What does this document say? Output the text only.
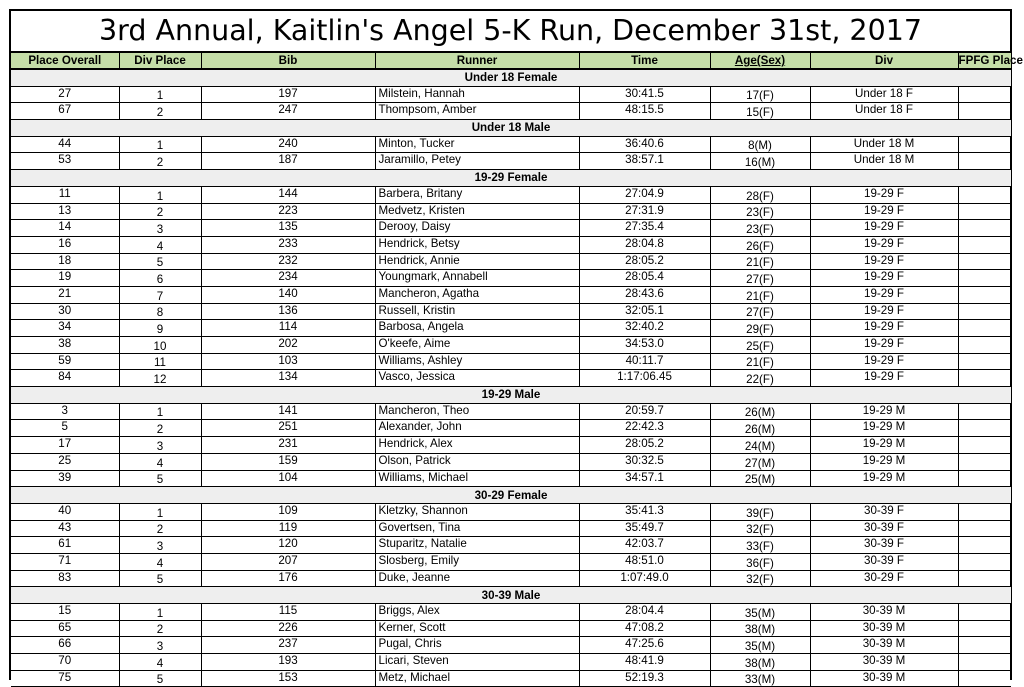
3rd Annual, Kaitlin's Angel 5-K Run, December 31st, 2017
Place Overall	Div Place	Bib	Runner	Time	Age(Sex)	Div	FPFG Place
Under 18 Female							
27	1	197	Milstein, Hannah	30:41.5	17(F)	Under 18 F	
67	2	247	Thompsom, Amber	48:15.5	15(F)	Under 18 F	
Under 18 Male							
44	1	240	Minton, Tucker	36:40.6	8(M)	Under 18 M	
53	2	187	Jaramillo, Petey	38:57.1	16(M)	Under 18 M	
19-29 Female							
11	1	144	Barbera, Britany	27:04.9	28(F)	19-29 F	
13	2	223	Medvetz, Kristen	27:31.9	23(F)	19-29 F	
14	3	135	Derooy, Daisy	27:35.4	23(F)	19-29 F	
16	4	233	Hendrick, Betsy	28:04.8	26(F)	19-29 F	
18	5	232	Hendrick, Annie	28:05.2	21(F)	19-29 F	
19	6	234	Youngmark, Annabell	28:05.4	27(F)	19-29 F	
21	7	140	Mancheron, Agatha	28:43.6	21(F)	19-29 F	
30	8	136	Russell, Kristin	32:05.1	27(F)	19-29 F	
34	9	114	Barbosa, Angela	32:40.2	29(F)	19-29 F	
38	10	202	O'keefe, Aime	34:53.0	25(F)	19-29 F	
59	11	103	Williams, Ashley	40:11.7	21(F)	19-29 F	
84	12	134	Vasco, Jessica	1:17:06.45	22(F)	19-29 F	
19-29 Male							
3	1	141	Mancheron, Theo	20:59.7	26(M)	19-29 M	
5	2	251	Alexander, John	22:42.3	26(M)	19-29 M	
17	3	231	Hendrick, Alex	28:05.2	24(M)	19-29 M	
25	4	159	Olson, Patrick	30:32.5	27(M)	19-29 M	
39	5	104	Williams, Michael	34:57.1	25(M)	19-29 M	
30-29 Female							
40	1	109	Kletzky, Shannon	35:41.3	39(F)	30-39 F	
43	2	119	Govertsen, Tina	35:49.7	32(F)	30-39 F	
61	3	120	Stuparitz, Natalie	42:03.7	33(F)	30-39 F	
71	4	207	Slosberg, Emily	48:51.0	36(F)	30-39 F	
83	5	176	Duke, Jeanne	1:07:49.0	32(F)	30-29 F	
30-39 Male							
15	1	115	Briggs, Alex	28:04.4	35(M)	30-39 M	
65	2	226	Kerner, Scott	47:08.2	38(M)	30-39 M	
66	3	237	Pugal, Chris	47:25.6	35(M)	30-39 M	
70	4	193	Licari, Steven	48:41.9	38(M)	30-39 M	
75	5	153	Metz, Michael	52:19.3	33(M)	30-39 M	
